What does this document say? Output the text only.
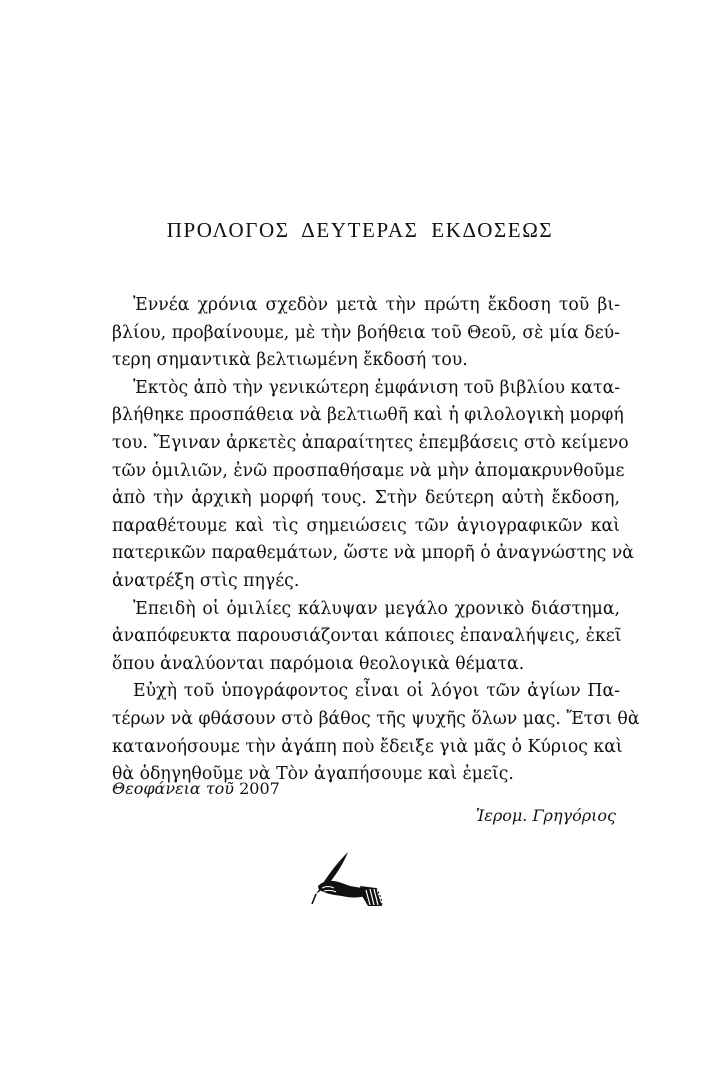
ΠΡΟΛΟΓΟΣ ΔΕΥΤΕΡΑΣ ΕΚΔΟΣΕΩΣ
Ἐννέα χρόνια σχεδὸν μετὰ τὴν πρώτη ἔκδοση τοῦ βι-
βλίου, προβαίνουμε, μὲ τὴν βοήθεια τοῦ Θεοῦ, σὲ μία δεύ-
τερη σημαντικὰ βελτιωμένη ἔκδοσή του.
Ἐκτὸς ἀπὸ τὴν γενικώτερη ἐμφάνιση τοῦ βιβλίου κατα-
βλήθηκε προσπάθεια νὰ βελτιωθῆ καὶ ἡ φιλολογικὴ μορφή
του. Ἔγιναν ἀρκετὲς ἀπαραίτητες ἐπεμβάσεις στὸ κείμενο
τῶν ὁμιλιῶν, ἐνῶ προσπαθήσαμε νὰ μὴν ἀπομακρυνθοῦμε
ἀπὸ τὴν ἀρχικὴ μορφή τους. Στὴν δεύτερη αὐτὴ ἔκδοση,
παραθέτουμε καὶ τὶς σημειώσεις τῶν ἁγιογραφικῶν καὶ
πατερικῶν παραθεμάτων, ὥστε νὰ μπορῆ ὁ ἀναγνώστης νὰ
ἀνατρέξη στὶς πηγές.
Ἐπειδὴ οἱ ὁμιλίες κάλυψαν μεγάλο χρονικὸ διάστημα,
ἀναπόφευκτα παρουσιάζονται κάποιες ἐπαναλήψεις, ἐκεῖ
ὅπου ἀναλύονται παρόμοια θεολογικὰ θέματα.
Εὐχὴ τοῦ ὑπογράφοντος εἶναι οἱ λόγοι τῶν ἁγίων Πα-
τέρων νὰ φθάσουν στὸ βάθος τῆς ψυχῆς ὅλων μας. Ἔτσι θὰ
κατανοήσουμε τὴν ἀγάπη ποὺ ἔδειξε γιὰ μᾶς ὁ Κύριος καὶ
θὰ ὁδηγηθοῦμε νὰ Τὸν ἀγαπήσουμε καὶ ἐμεῖς.
Θεοφάνεια τοῦ 2007
Ἱερομ. Γρηγόριος
